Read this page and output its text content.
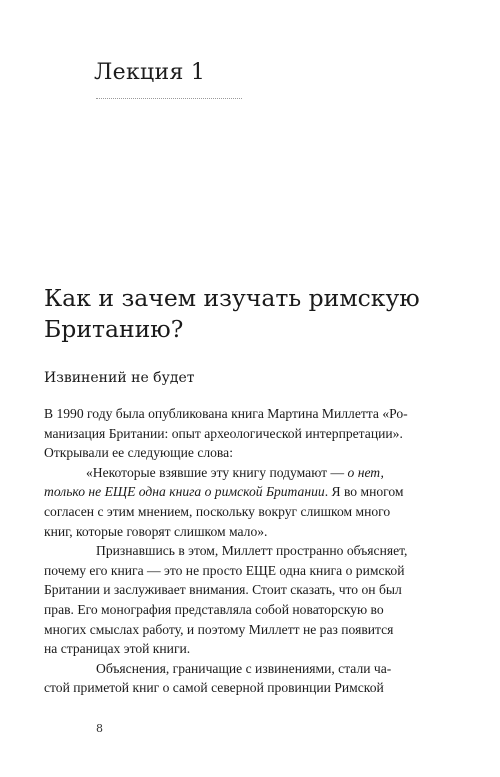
Лекция 1
Как и зачем изучать римскую
Британию?
Извинений не будет
В 1990 году была опубликована книга Мартина Миллетта «Ро-
манизация Британии: опыт археологической интерпретации».
Открывали ее следующие слова:
«Некоторые взявшие эту книгу подумают — о нет,
только не ЕЩЕ одна книга о римской Британии. Я во многом
согласен с этим мнением, поскольку вокруг слишком много
книг, которые говорят слишком мало».
Признавшись в этом, Миллетт пространно объясняет,
почему его книга — это не просто ЕЩЕ одна книга о римской
Британии и заслуживает внимания. Стоит сказать, что он был
прав. Его монография представляла собой новаторскую во
многих смыслах работу, и поэтому Миллетт не раз появится
на страницах этой книги.
Объяснения, граничащие с извинениями, стали ча-
стой приметой книг о самой северной провинции Римской
8
